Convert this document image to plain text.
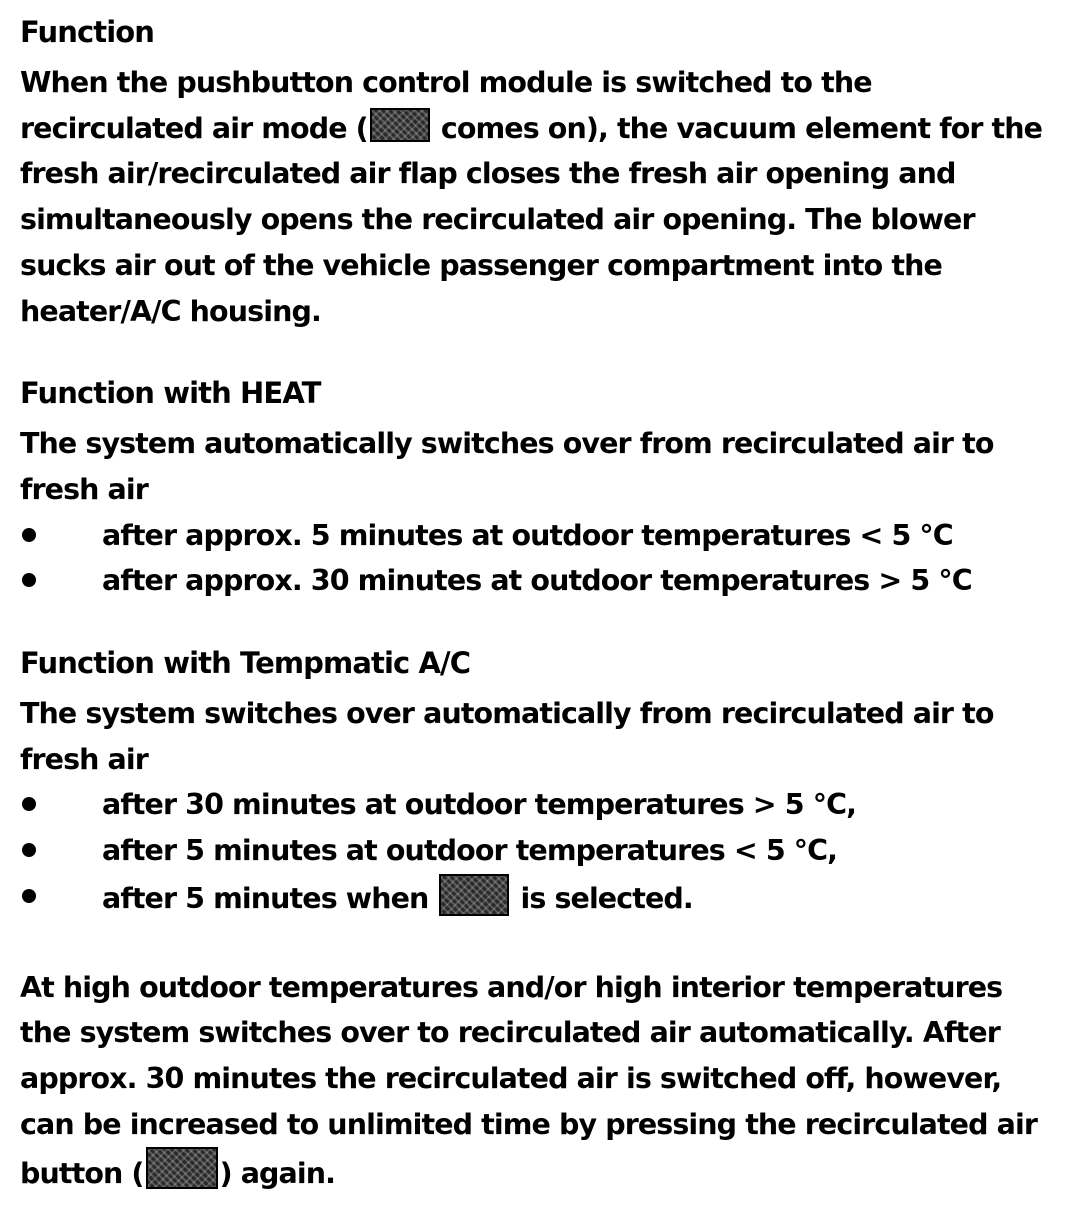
Function

When the pushbutton control module is switched to the
recirculated air mode ( comes on), the vacuum element for the
fresh air/recirculated air flap closes the fresh air opening and
simultaneously opens the recirculated air opening. The blower
sucks air out of the vehicle passenger compartment into the
heater/A/C housing.

Function with HEAT

The system automatically switches over from recirculated air to
fresh air

after approx. 5 minutes at outdoor temperatures < 5 °C
after approx. 30 minutes at outdoor temperatures > 5 °C
Function with Tempmatic A/C

The system switches over automatically from recirculated air to
fresh air

after 30 minutes at outdoor temperatures > 5 °C,
after 5 minutes at outdoor temperatures < 5 °C,
after 5 minutes when	is selected.

At high outdoor temperatures and/or high interior temperatures
the system switches over to recirculated air automatically. After
approx. 30 minutes the recirculated air is switched off, however,
can be increased to unlimited time by pressing the recirculated air
button (	) again.
